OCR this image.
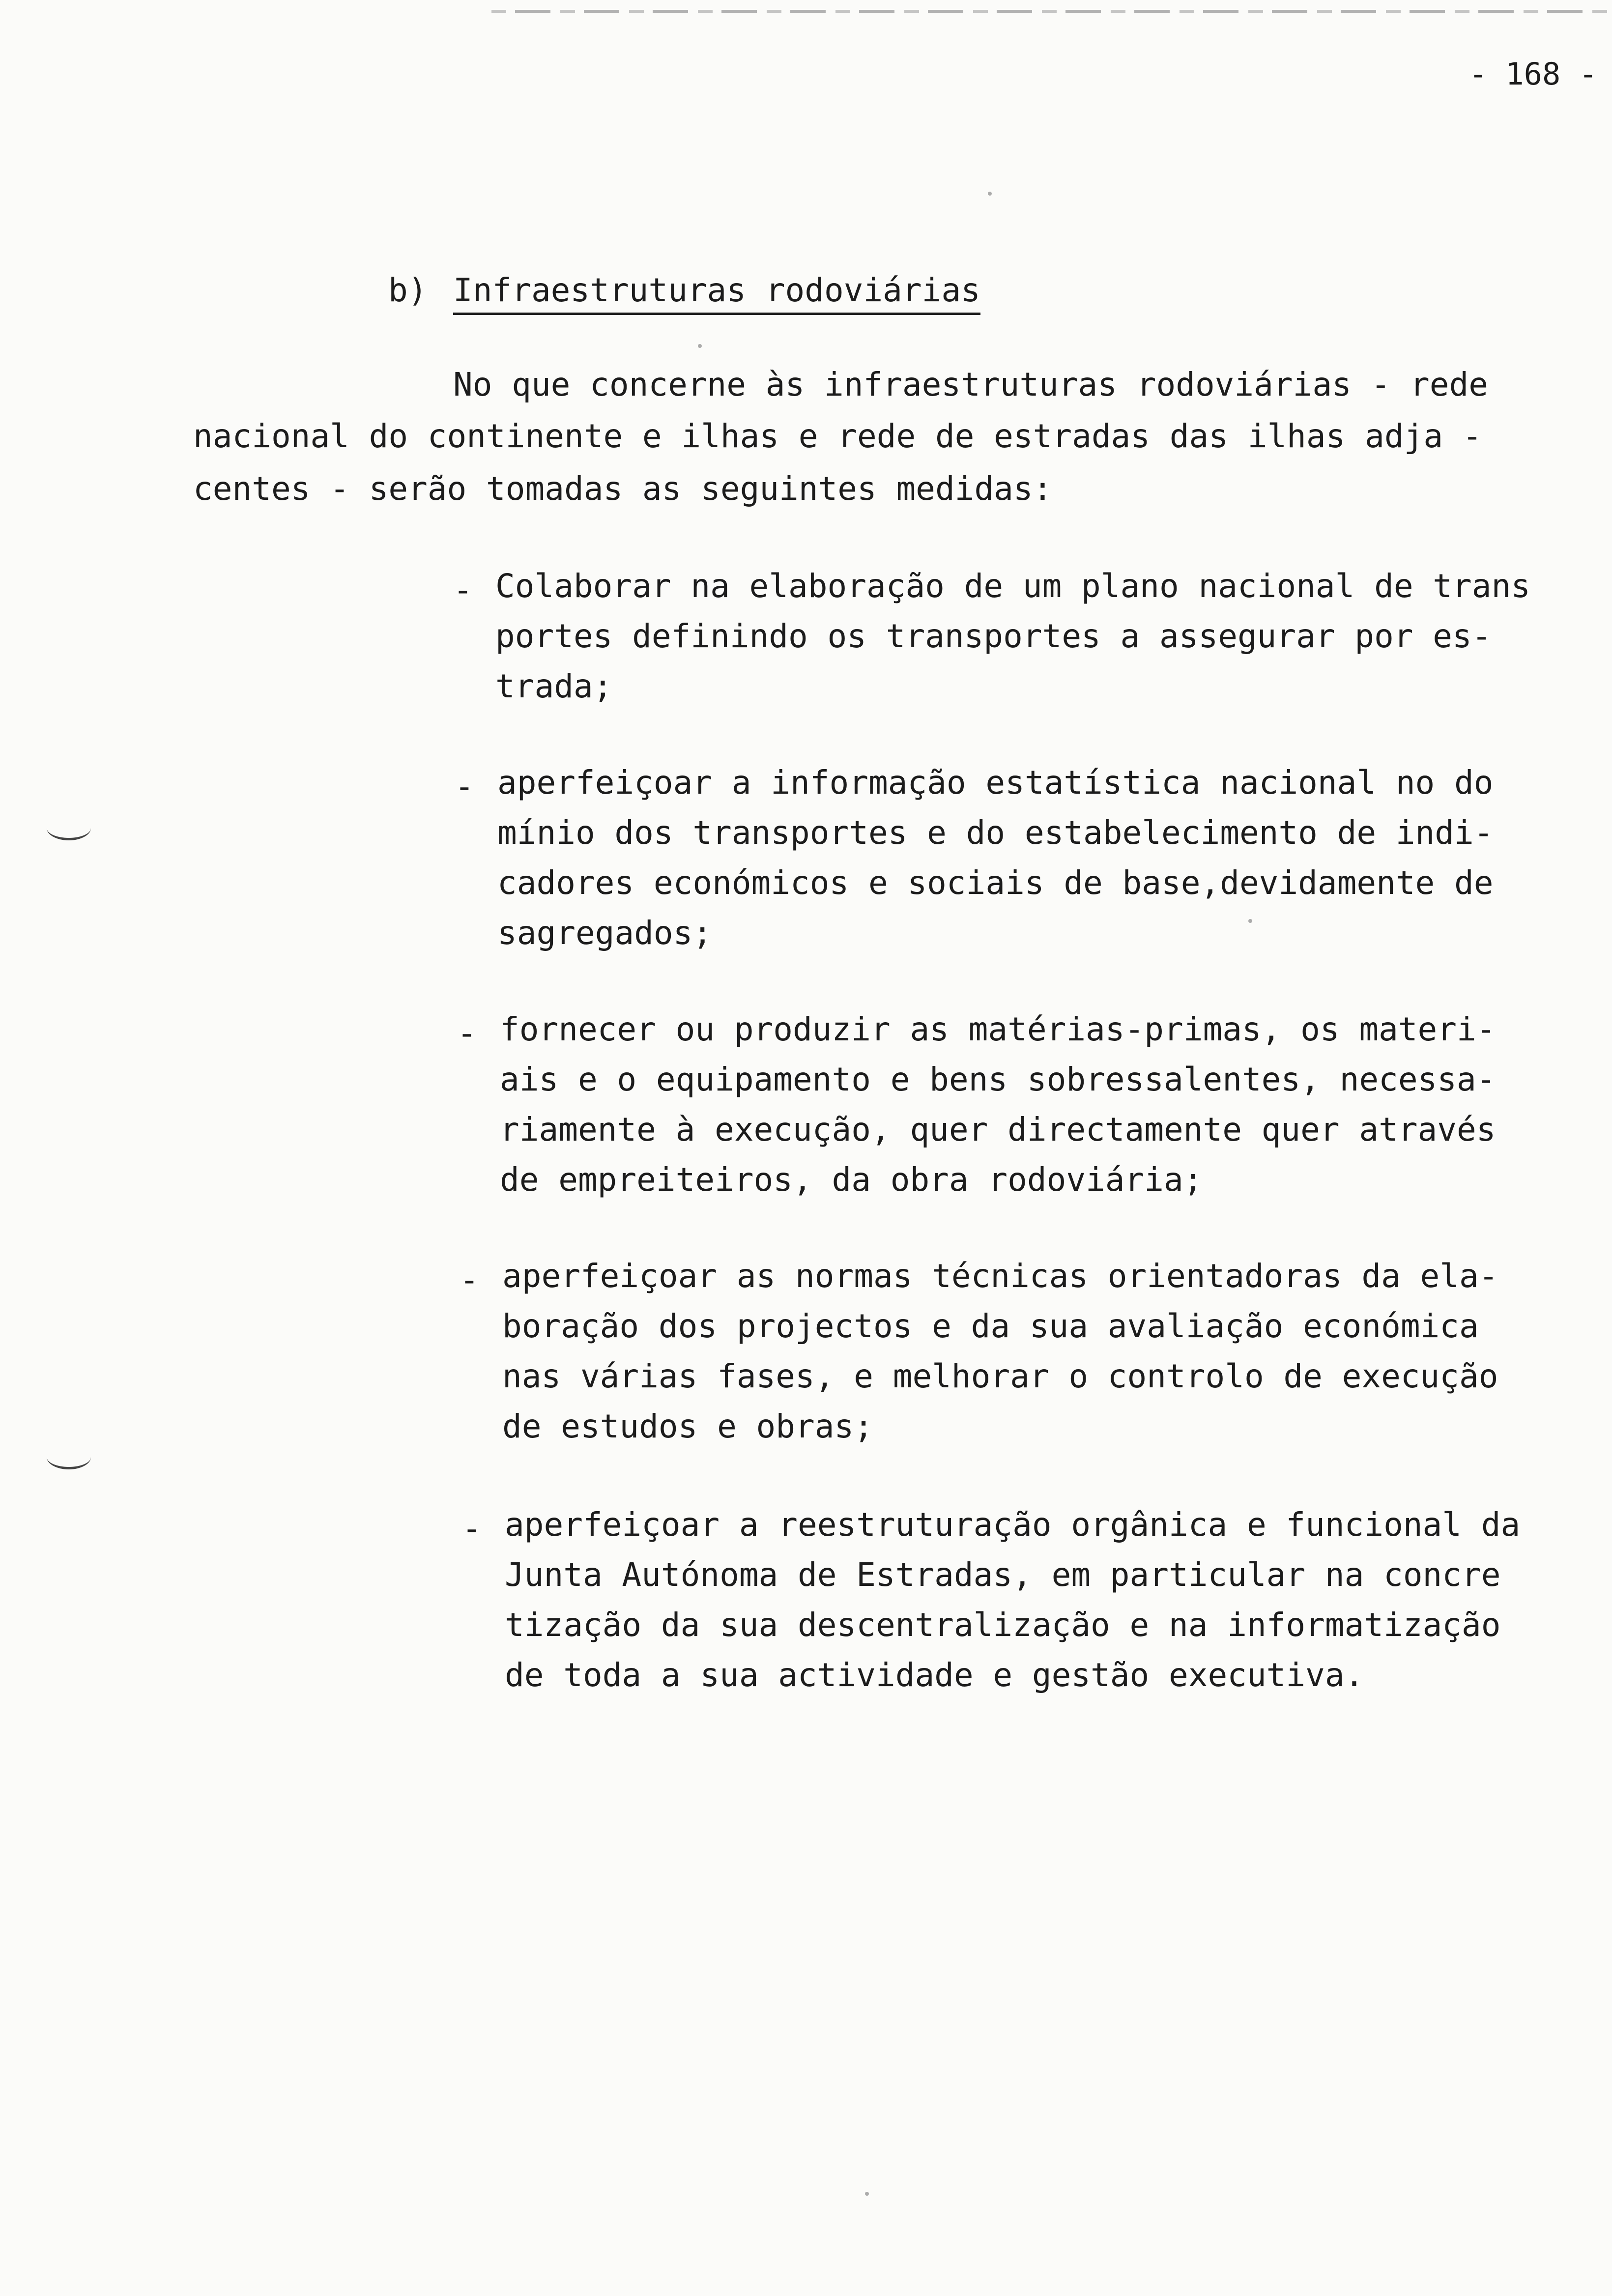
- 168 -
b) Infraestruturas rodoviárias
No que concerne às infraestruturas rodoviárias - rede
nacional do continente e ilhas e rede de estradas das ilhas adja -
centes - serão tomadas as seguintes medidas:
- Colaborar na elaboração de um plano nacional de trans
portes definindo os transportes a assegurar por es-
trada;
- aperfeiçoar a informação estatística nacional no do
mínio dos transportes e do estabelecimento de indi-
cadores económicos e sociais de base,devidamente de
sagregados;
- fornecer ou produzir as matérias-primas, os materi-
ais e o equipamento e bens sobressalentes, necessa-
riamente à execução, quer directamente quer através
de empreiteiros, da obra rodoviária;
- aperfeiçoar as normas técnicas orientadoras da ela-
boração dos projectos e da sua avaliação económica
nas várias fases, e melhorar o controlo de execução
de estudos e obras;
- aperfeiçoar a reestruturação orgânica e funcional da
Junta Autónoma de Estradas, em particular na concre
tização da sua descentralização e na informatização
de toda a sua actividade e gestão executiva.
